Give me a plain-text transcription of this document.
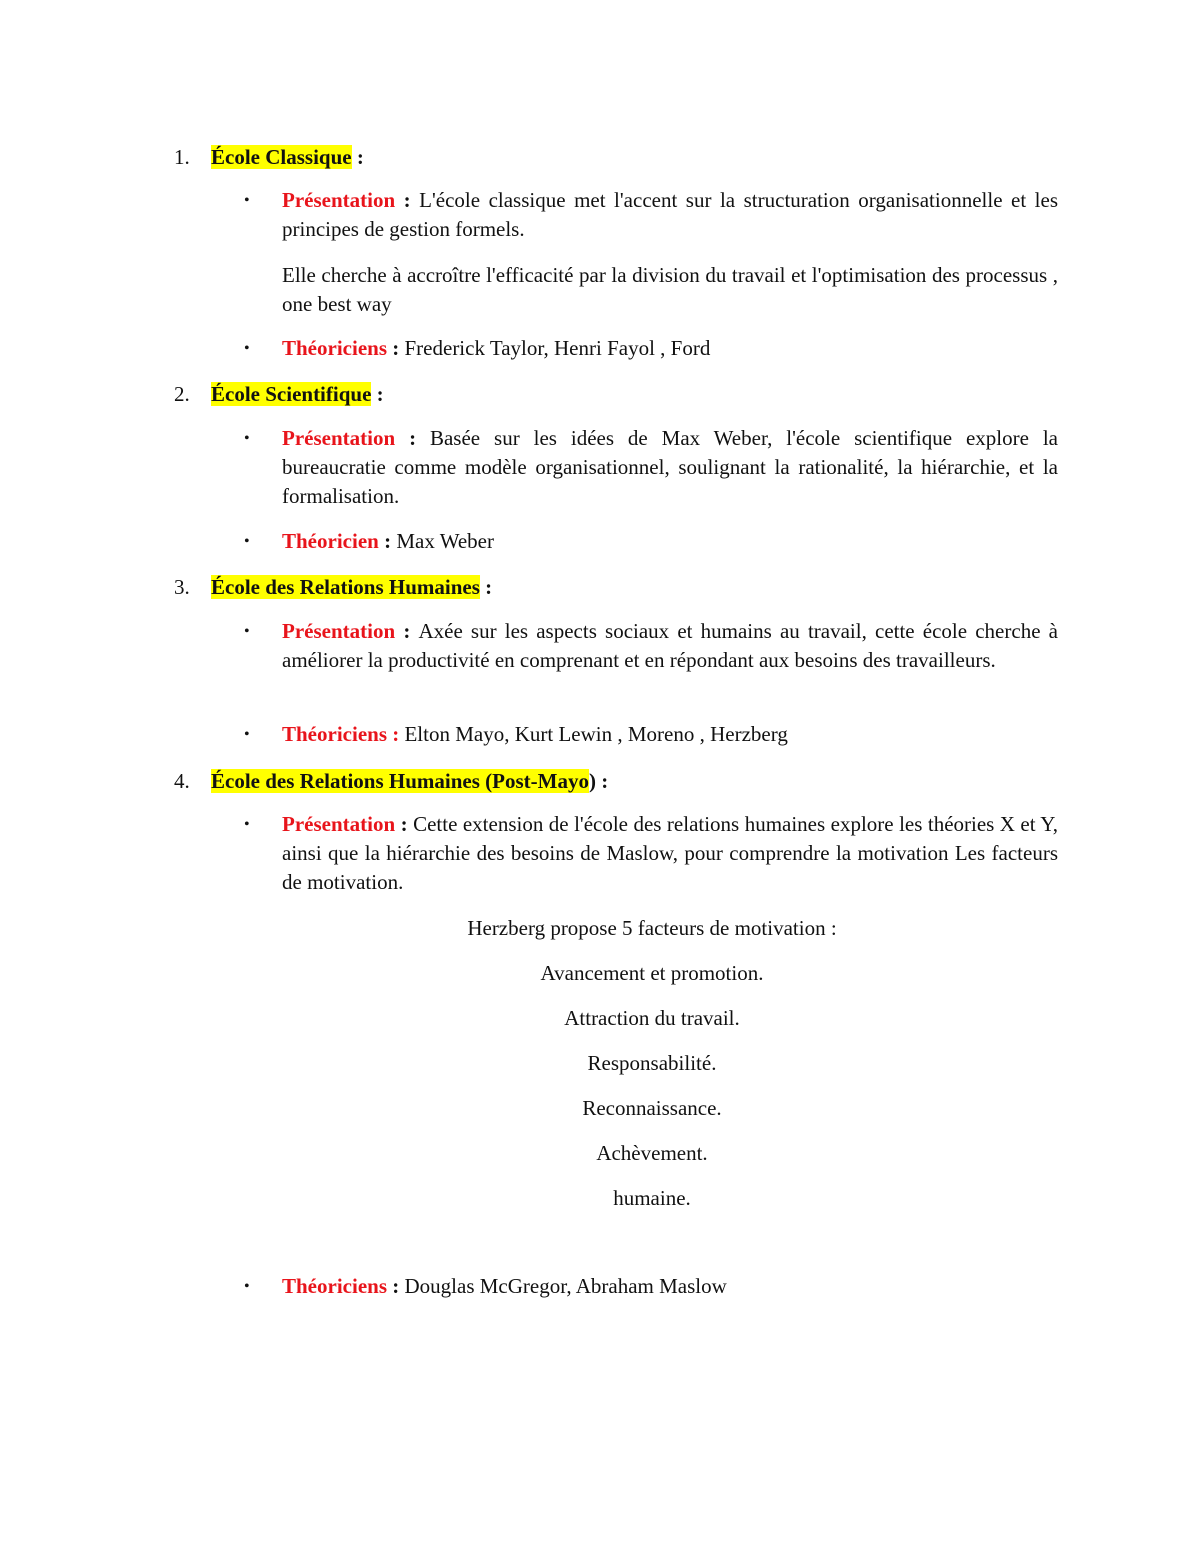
1.	École Classique :
• Présentation : L'école classique met l'accent sur la structuration organisationnelle et les principes de gestion formels.
Elle cherche à accroître l'efficacité par la division du travail et l'optimisation des processus , one best way
• Théoriciens : Frederick Taylor, Henri Fayol , Ford
2.	École Scientifique :
• Présentation : Basée sur les idées de Max Weber, l'école scientifique explore la bureaucratie comme modèle organisationnel, soulignant la rationalité, la hiérarchie, et la formalisation.
• Théoricien : Max Weber
3.	École des Relations Humaines :
• Présentation : Axée sur les aspects sociaux et humains au travail, cette école cherche à améliorer la productivité en comprenant et en répondant aux besoins des travailleurs.
• Théoriciens : Elton Mayo, Kurt Lewin , Moreno , Herzberg
4.	École des Relations Humaines (Post-Mayo) :
• Présentation : Cette extension de l'école des relations humaines explore les théories X et Y, ainsi que la hiérarchie des besoins de Maslow, pour comprendre la motivation Les facteurs de motivation.
Herzberg propose 5 facteurs de motivation :
Avancement et promotion.
Attraction du travail.
Responsabilité.
Reconnaissance.
Achèvement.
humaine.
• Théoriciens : Douglas McGregor, Abraham Maslow
